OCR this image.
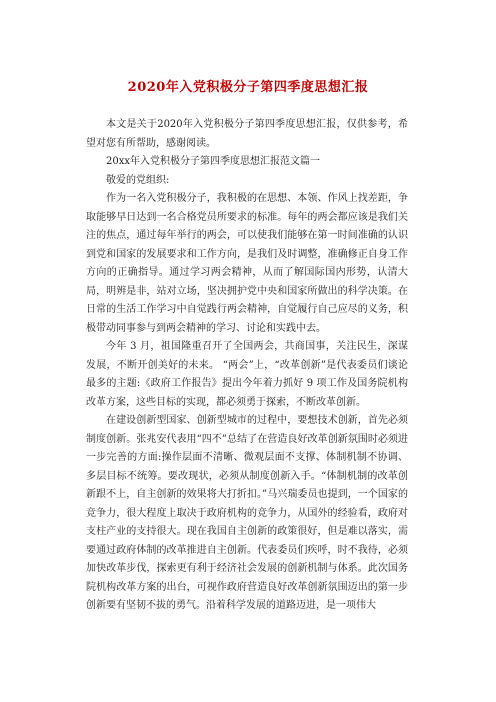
2020年入党积极分子第四季度思想汇报

本文是关于2020年入党积极分子第四季度思想汇报，仅供参考，希望对您有所帮助，感谢阅读。

20xx年入党积极分子第四季度思想汇报范文篇一

敬爱的党组织:

作为一名入党积极分子，我积极的在思想、本领、作风上找差距，争取能够早日达到一名合格党员所要求的标准。每年的两会都应该是我们关注的焦点，通过每年举行的两会，可以使我们能够在第一时间准确的认识到党和国家的发展要求和工作方向，是我们及时调整，准确修正自身工作方向的正确指导。通过学习两会精神，从而了解国际国内形势，认清大局，明辨是非，站对立场，坚决拥护党中央和国家所做出的科学决策。在日常的生活工作学习中自觉践行两会精神，自觉履行自己应尽的义务，积极带动同事参与到两会精神的学习、讨论和实践中去。

今年 3 月，祖国隆重召开了全国两会，共商国事，关注民生，深谋发展，不断开创美好的未来。 “两会”上，“改革创新”是代表委员们谈论最多的主题:《政府工作报告》提出今年着力抓好 9 项工作及国务院机构改革方案，这些目标的实现，都必须勇于探索，不断改革创新。

在建设创新型国家、创新型城市的过程中，要想技术创新，首先必须制度创新。张兆安代表用“四不”总结了在营造良好改革创新氛围时必须进一步完善的方面:操作层面不清晰、微观层面不支撑、体制机制不协调、多层目标不统筹。要改现状，必须从制度创新入手。“体制机制的改革创新跟不上，自主创新的效果将大打折扣。”马兴瑞委员也提到，一个国家的竞争力，很大程度上取决于政府机构的竞争力，从国外的经验看，政府对支柱产业的支持很大。现在我国自主创新的政策很好，但是难以落实，需要通过政府体制的改革推进自主创新。代表委员们疾呼，时不我待，必须加快改革步伐，探索更有利于经济社会发展的创新机制与体系。此次国务院机构改革方案的出台，可视作政府营造良好改革创新氛围迈出的第一步创新要有坚韧不拔的勇气。沿着科学发展的道路迈进，是一项伟大
